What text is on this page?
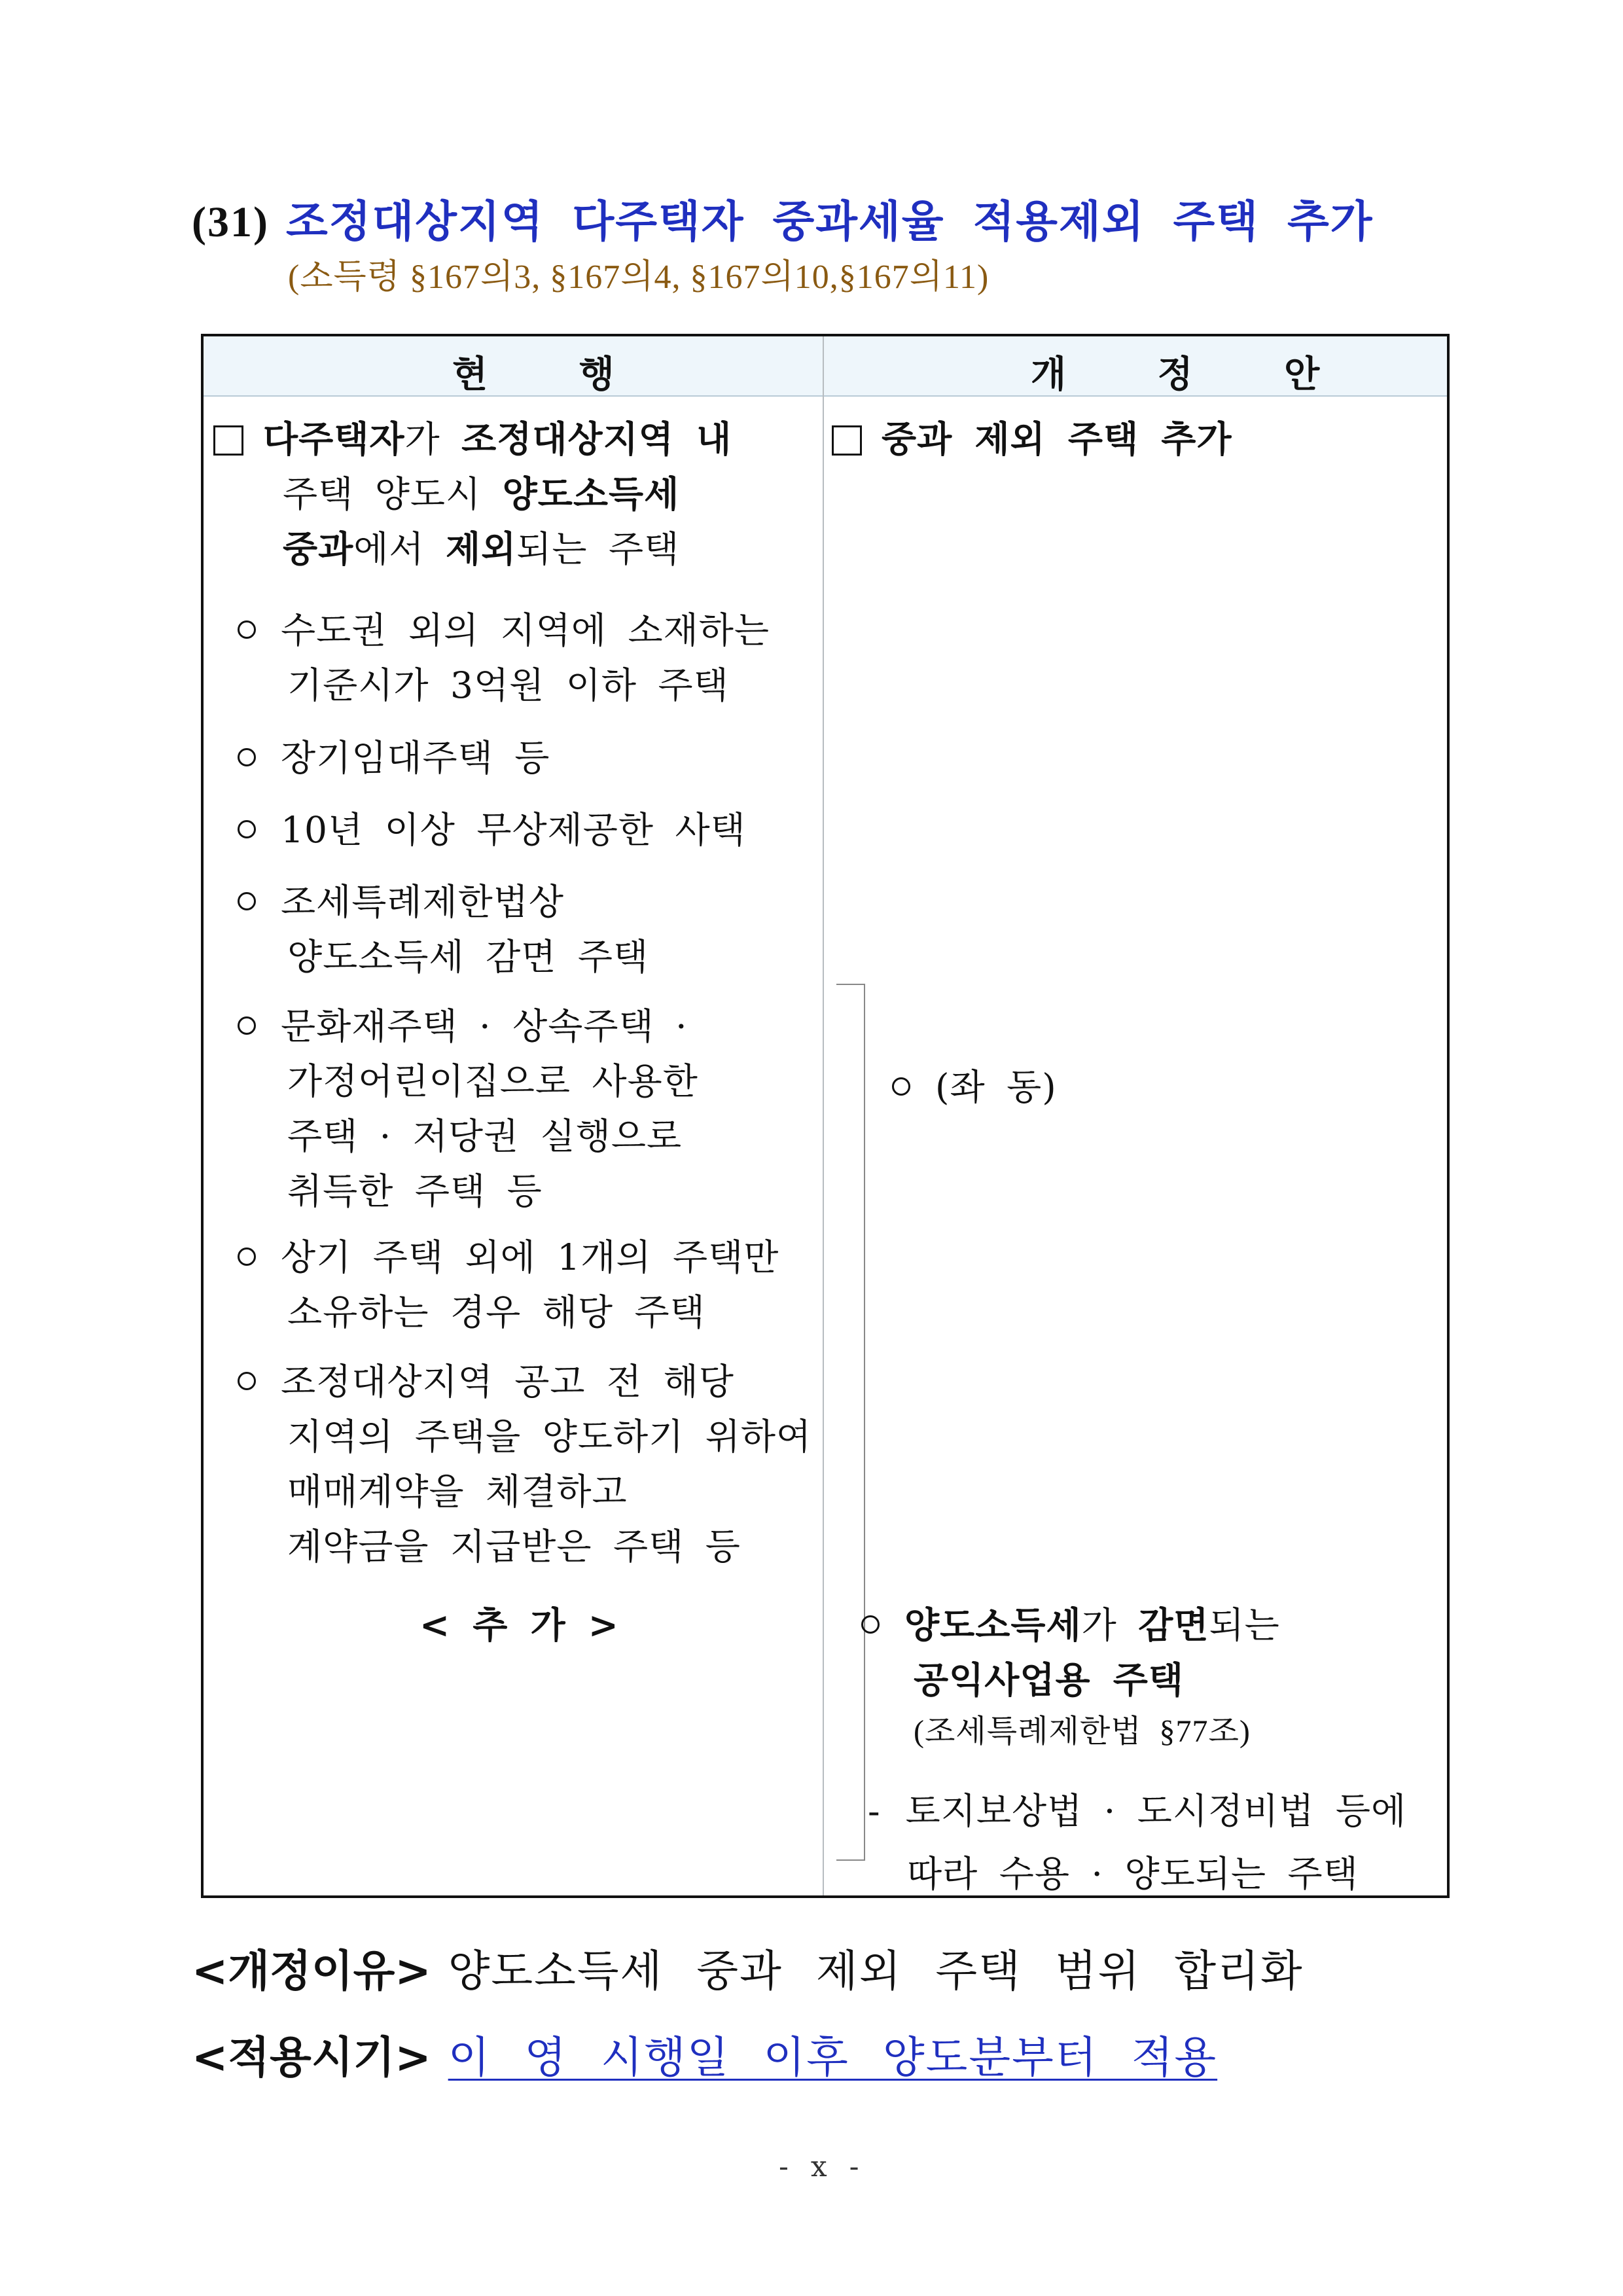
(31) 조정대상지역 다주택자 중과세율 적용제외 주택 추가
(소득령 §167의3, §167의4, §167의10,§167의11)
현 행	개 정 안
다주택자가 조정대상지역 내
주택 양도시 양도소득세
중과에서 제외되는 주택
수도권 외의 지역에 소재하는
기준시가 3억원 이하 주택
장기임대주택 등
10년 이상 무상제공한 사택
조세특례제한법상
양도소득세 감면 주택
문화재주택 · 상속주택 ·
가정어린이집으로 사용한
주택 · 저당권 실행으로
취득한 주택 등
상기 주택 외에 1개의 주택만
소유하는 경우 해당 주택
조정대상지역 공고 전 해당
지역의 주택을 양도하기 위하여
매매계약을 체결하고
계약금을 지급받은 주택 등
< 추 가 >
중과 제외 주택 추가
(좌 동)
양도소득세가 감면되는
공익사업용 주택
(조세특례제한법 §77조)
- 토지보상법 · 도시정비법 등에
따라 수용 · 양도되는 주택
<개정이유> 양도소득세 중과 제외 주택 범위 합리화
<적용시기> 이 영 시행일 이후 양도분부터 적용
- x -
